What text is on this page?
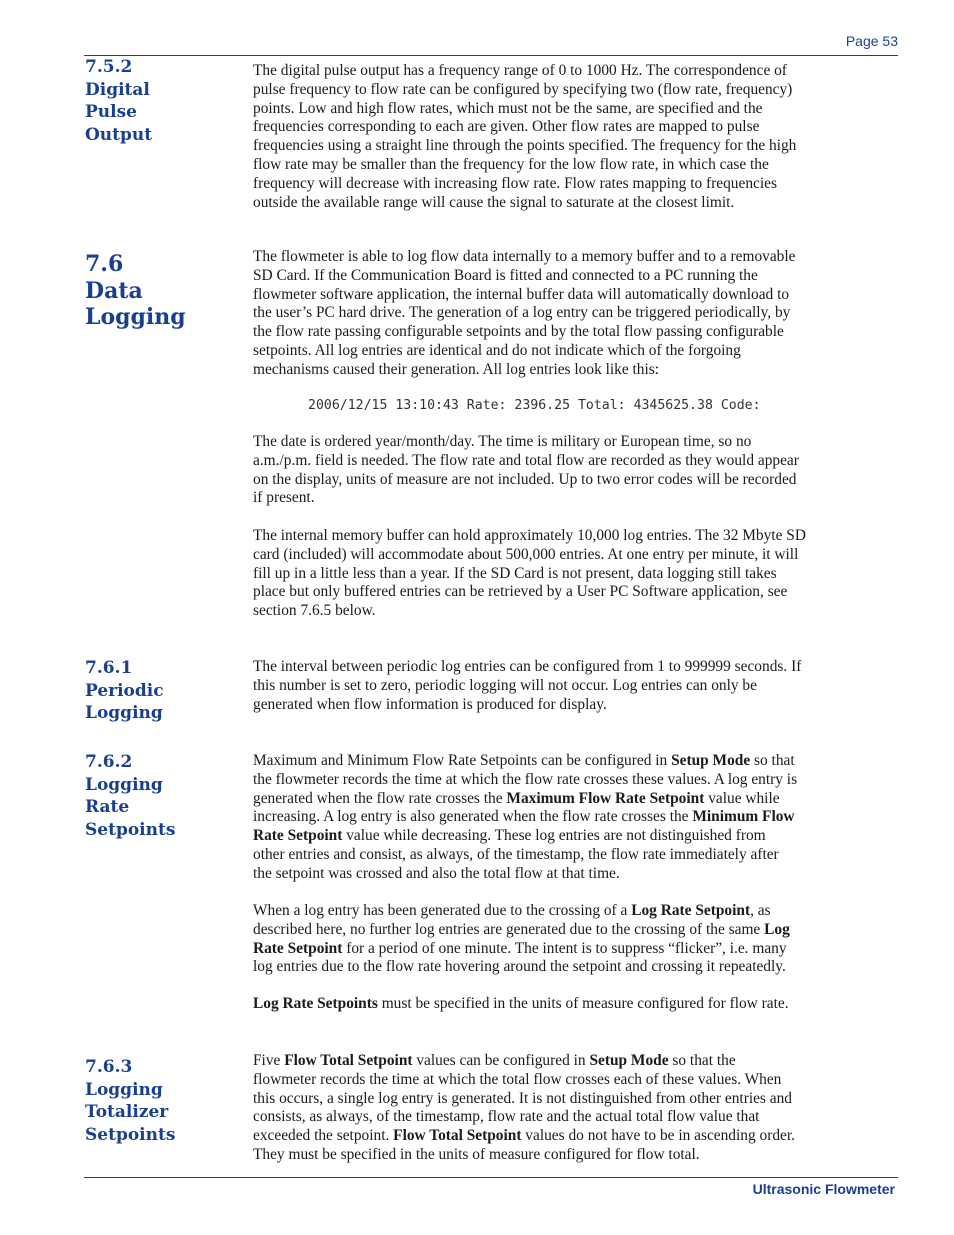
Page 53
7.5.2
Digital
Pulse
Output
The digital pulse output has a frequency range of 0 to 1000 Hz. The correspondence of
pulse frequency to flow rate can be configured by specifying two (flow rate, frequency)
points. Low and high flow rates, which must not be the same, are specified and the
frequencies corresponding to each are given. Other flow rates are mapped to pulse
frequencies using a straight line through the points specified. The frequency for the high
flow rate may be smaller than the frequency for the low flow rate, in which case the
frequency will decrease with increasing flow rate. Flow rates mapping to frequencies
outside the available range will cause the signal to saturate at the closest limit.
7.6
Data
Logging
The flowmeter is able to log flow data internally to a memory buffer and to a removable
SD Card. If the Communication Board is fitted and connected to a PC running the
flowmeter software application, the internal buffer data will automatically download to
the user’s PC hard drive. The generation of a log entry can be triggered periodically, by
the flow rate passing configurable setpoints and by the total flow passing configurable
setpoints. All log entries are identical and do not indicate which of the forgoing
mechanisms caused their generation. All log entries look like this:
2006/12/15 13:10:43 Rate: 2396.25 Total: 4345625.38 Code:
The date is ordered year/month/day. The time is military or European time, so no
a.m./p.m. field is needed. The flow rate and total flow are recorded as they would appear
on the display, units of measure are not included. Up to two error codes will be recorded
if present.
The internal memory buffer can hold approximately 10,000 log entries. The 32 Mbyte SD
card (included) will accommodate about 500,000 entries. At one entry per minute, it will
fill up in a little less than a year. If the SD Card is not present, data logging still takes
place but only buffered entries can be retrieved by a User PC Software application, see
section 7.6.5 below.
7.6.1
Periodic
Logging
The interval between periodic log entries can be configured from 1 to 999999 seconds. If
this number is set to zero, periodic logging will not occur. Log entries can only be
generated when flow information is produced for display.
7.6.2
Logging
Rate
Setpoints
Maximum and Minimum Flow Rate Setpoints can be configured in Setup Mode so that
the flowmeter records the time at which the flow rate crosses these values. A log entry is
generated when the flow rate crosses the Maximum Flow Rate Setpoint value while
increasing. A log entry is also generated when the flow rate crosses the Minimum Flow
Rate Setpoint value while decreasing. These log entries are not distinguished from
other entries and consist, as always, of the timestamp, the flow rate immediately after
the setpoint was crossed and also the total flow at that time.
When a log entry has been generated due to the crossing of a Log Rate Setpoint, as
described here, no further log entries are generated due to the crossing of the same Log
Rate Setpoint for a period of one minute. The intent is to suppress “flicker”, i.e. many
log entries due to the flow rate hovering around the setpoint and crossing it repeatedly.
Log Rate Setpoints must be specified in the units of measure configured for flow rate.
7.6.3
Logging
Totalizer
Setpoints
Five Flow Total Setpoint values can be configured in Setup Mode so that the
flowmeter records the time at which the total flow crosses each of these values. When
this occurs, a single log entry is generated. It is not distinguished from other entries and
consists, as always, of the timestamp, flow rate and the actual total flow value that
exceeded the setpoint. Flow Total Setpoint values do not have to be in ascending order.
They must be specified in the units of measure configured for flow total.
Ultrasonic Flowmeter
